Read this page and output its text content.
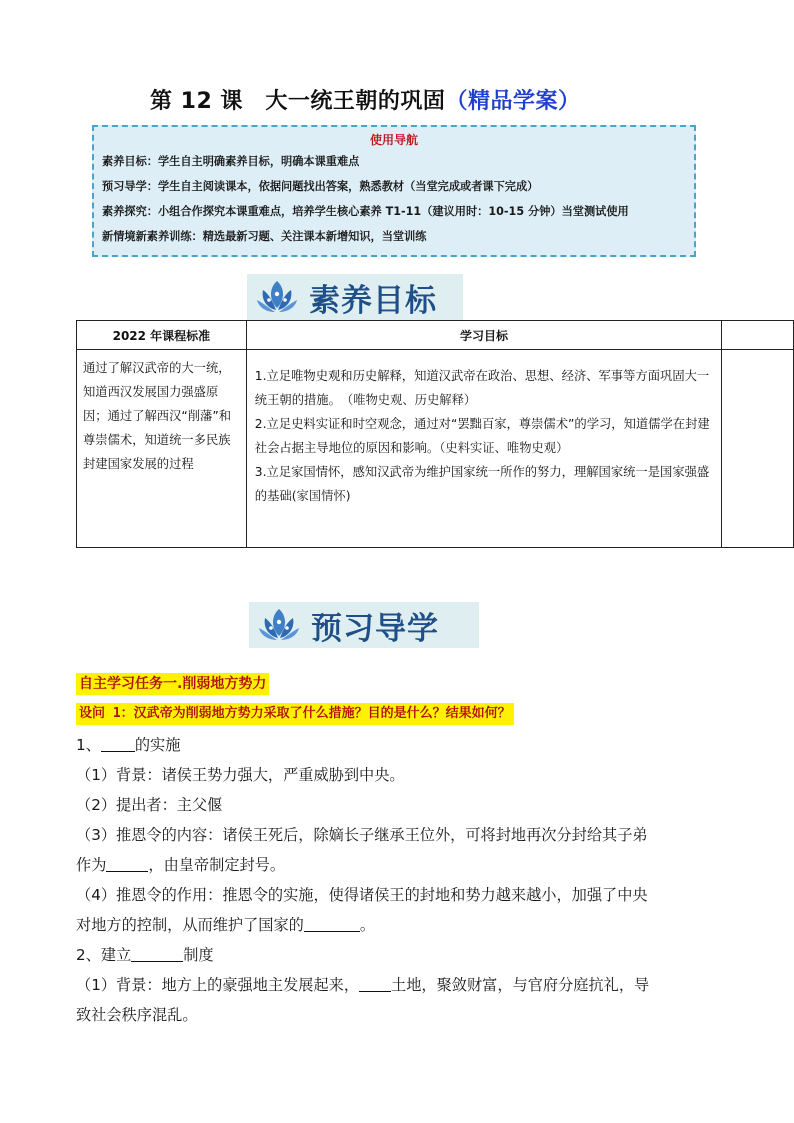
第 12 课　大一统王朝的巩固（精品学案）
使用导航
素养目标：学生自主明确素养目标，明确本课重难点
预习导学：学生自主阅读课本，依据问题找出答案，熟悉教材（当堂完成或者课下完成）
素养探究：小组合作探究本课重难点，培养学生核心素养 T1-11（建议用时：10-15 分钟）当堂测试使用
新情境新素养训练：精选最新习题、关注课本新增知识，当堂训练
素养目标
2022 年课程标准	学习目标	
通过了解汉武帝的大一统，知道西汉发展国力强盛原因；通过了解西汉“削藩”和尊崇儒术，知道统一多民族封建国家发展的过程	1.立足唯物史观和历史解释，知道汉武帝在政治、思想、经济、军事等方面巩固大一统王朝的措施。　 （唯物史观、历史解释）
2.立足史料实证和时空观念，通过对“罢黜百家，尊崇儒术”的学习，知道儒学在封建社会占据主导地位的原因和影响。（史料实证、唯物史观）
3.立足家国情怀，感知汉武帝为维护国家统一所作的努力，理解国家统一是国家强盛的基础(家国情怀)	

预习导学
自主学习任务一.削弱地方势力
设问 1：汉武帝为削弱地方势力采取了什么措施？目的是什么？结果如何？
1、 的实施
（1）背景：诸侯王势力强大，严重威胁到中央。
（2）提出者：主父偃
（3）推恩令的内容：诸侯王死后，除嫡长子继承王位外，可将封地再次分封给其子弟
作为	，由皇帝制定封号。
（4）推恩令的作用：推恩令的实施，使得诸侯王的封地和势力越来越小，加强了中央
对地方的控制，从而维护了国家的	。
2、建立	制度
（1）背景：地方上的豪强地主发展起来， 土地，聚敛财富，与官府分庭抗礼，导
致社会秩序混乱。
